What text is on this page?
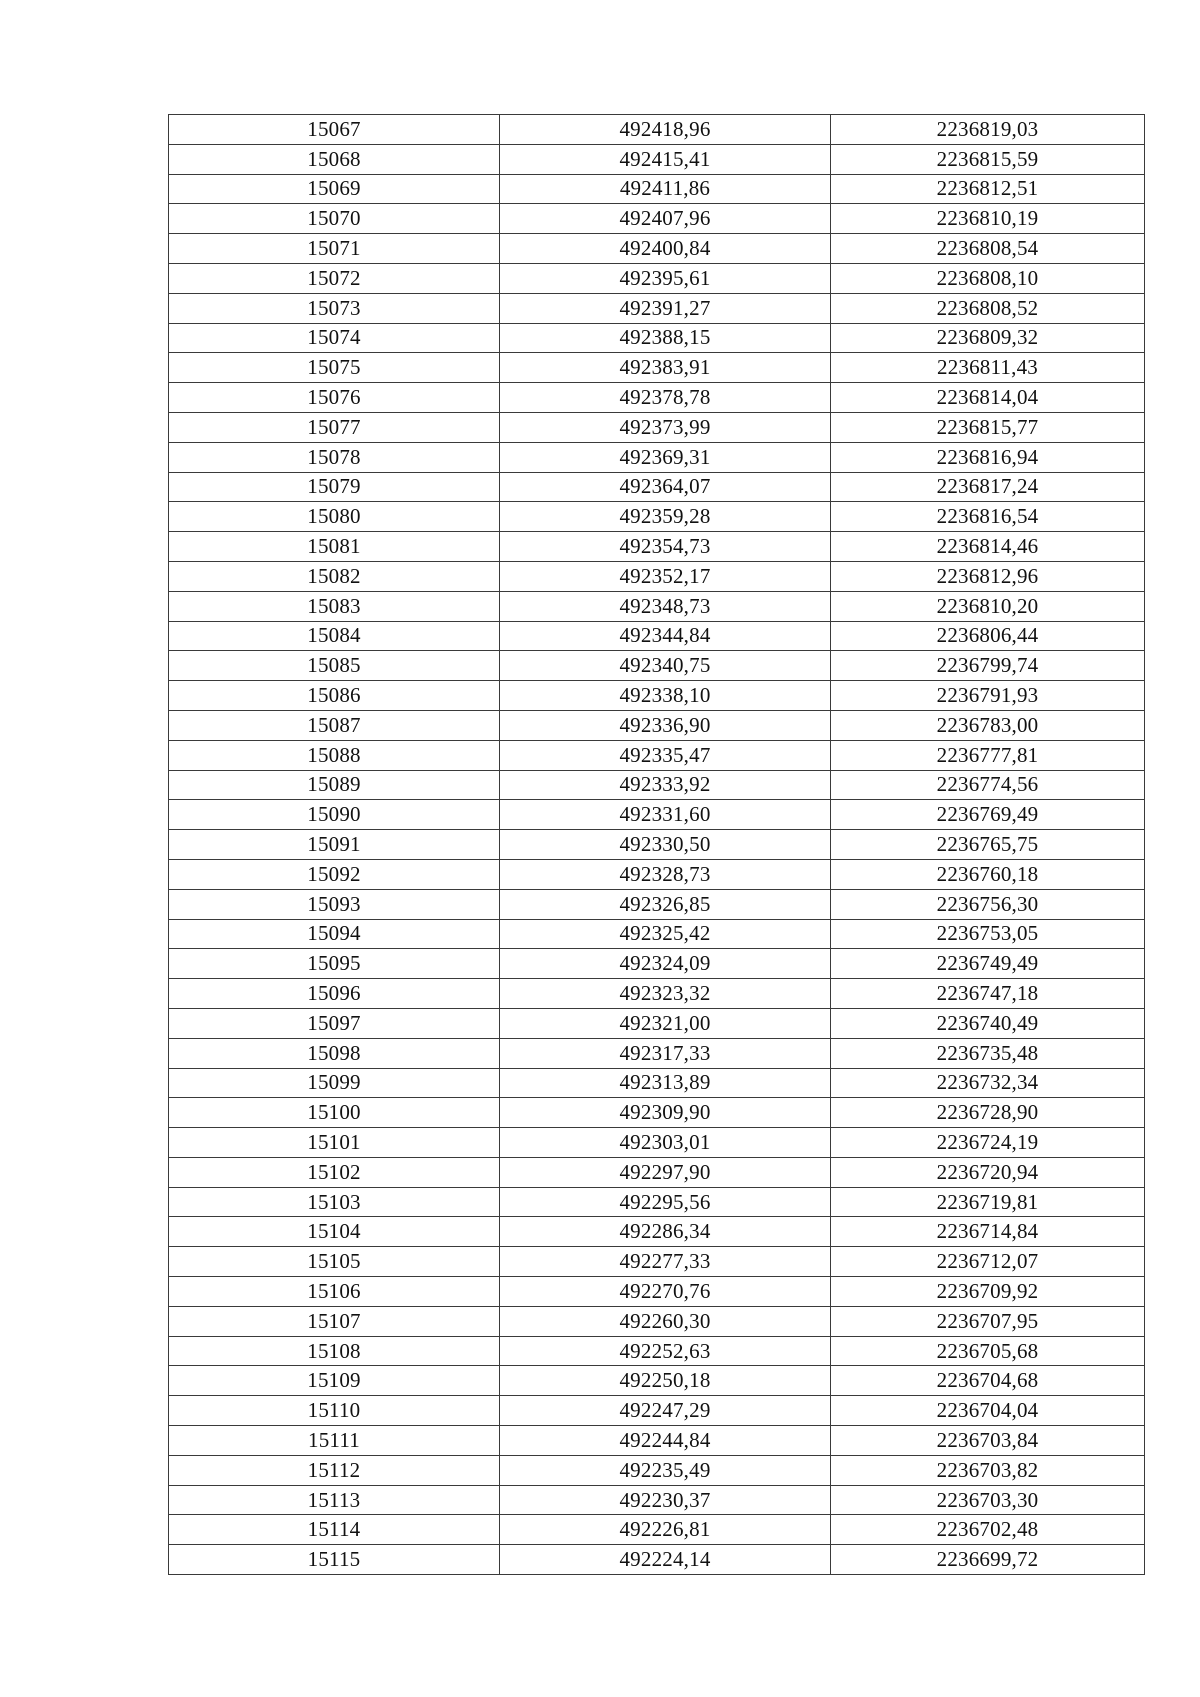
15067	492418,96	2236819,03
15068	492415,41	2236815,59
15069	492411,86	2236812,51
15070	492407,96	2236810,19
15071	492400,84	2236808,54
15072	492395,61	2236808,10
15073	492391,27	2236808,52
15074	492388,15	2236809,32
15075	492383,91	2236811,43
15076	492378,78	2236814,04
15077	492373,99	2236815,77
15078	492369,31	2236816,94
15079	492364,07	2236817,24
15080	492359,28	2236816,54
15081	492354,73	2236814,46
15082	492352,17	2236812,96
15083	492348,73	2236810,20
15084	492344,84	2236806,44
15085	492340,75	2236799,74
15086	492338,10	2236791,93
15087	492336,90	2236783,00
15088	492335,47	2236777,81
15089	492333,92	2236774,56
15090	492331,60	2236769,49
15091	492330,50	2236765,75
15092	492328,73	2236760,18
15093	492326,85	2236756,30
15094	492325,42	2236753,05
15095	492324,09	2236749,49
15096	492323,32	2236747,18
15097	492321,00	2236740,49
15098	492317,33	2236735,48
15099	492313,89	2236732,34
15100	492309,90	2236728,90
15101	492303,01	2236724,19
15102	492297,90	2236720,94
15103	492295,56	2236719,81
15104	492286,34	2236714,84
15105	492277,33	2236712,07
15106	492270,76	2236709,92
15107	492260,30	2236707,95
15108	492252,63	2236705,68
15109	492250,18	2236704,68
15110	492247,29	2236704,04
15111	492244,84	2236703,84
15112	492235,49	2236703,82
15113	492230,37	2236703,30
15114	492226,81	2236702,48
15115	492224,14	2236699,72
